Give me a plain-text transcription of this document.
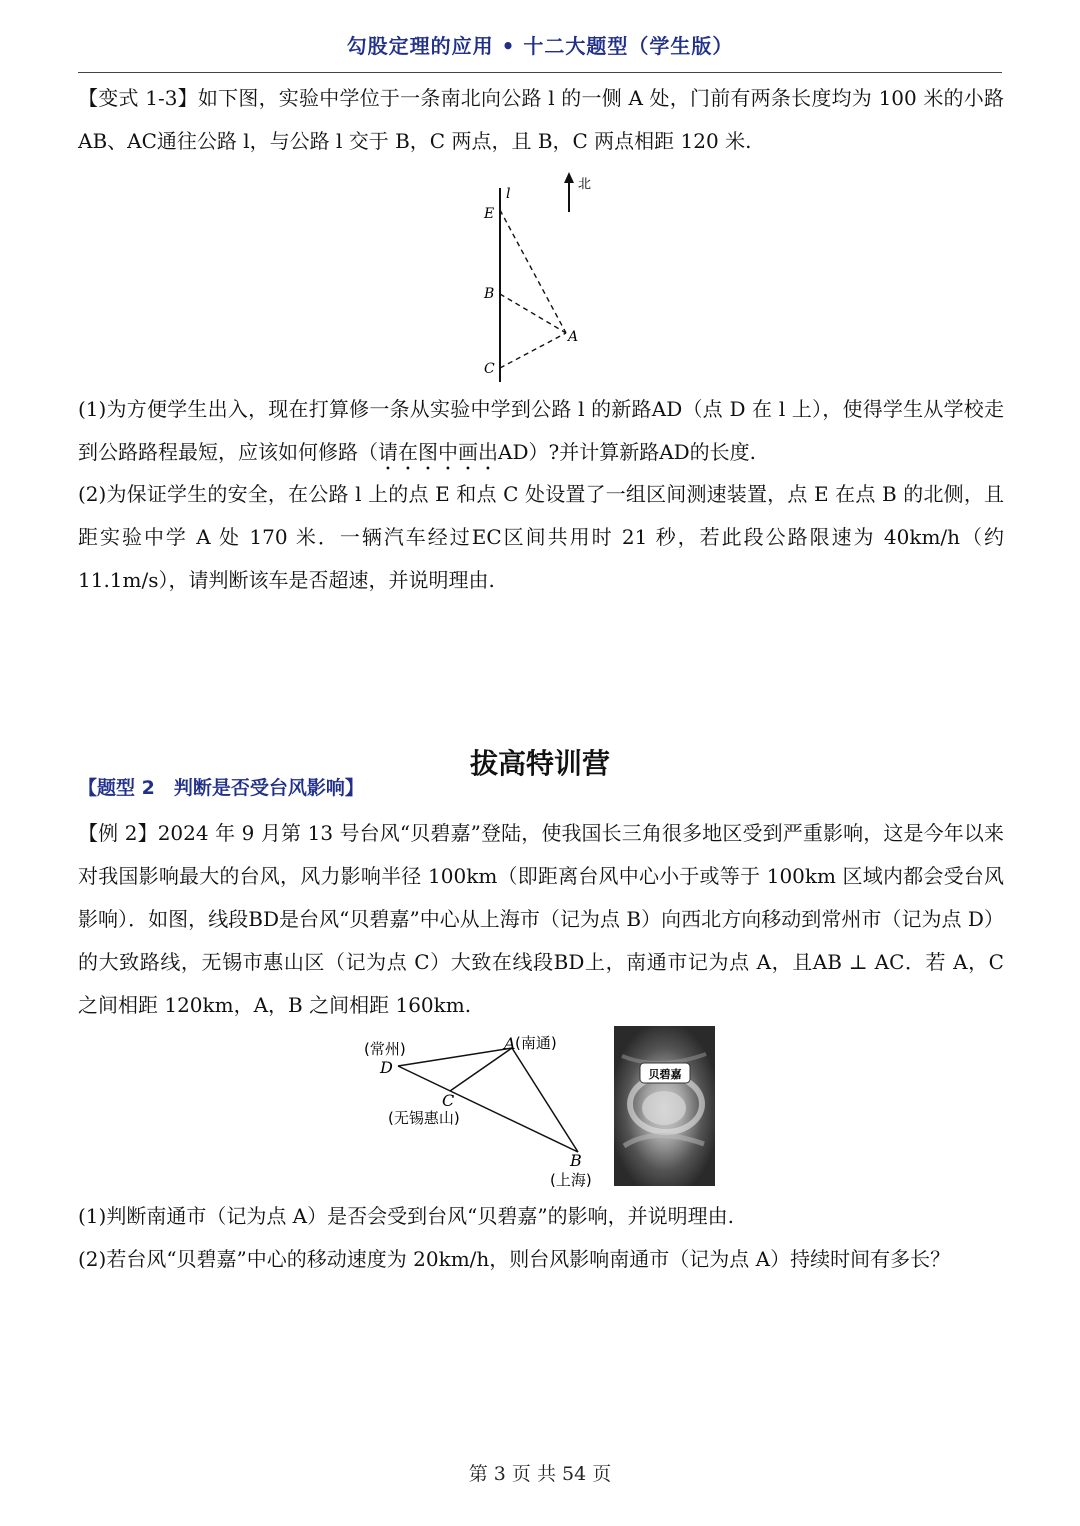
勾股定理的应用 • 十二大题型（学生版）

【变式 1-3】如下图，实验中学位于一条南北向公路 l 的一侧 A 处，门前有两条长度均为 100 米的小路AB、AC通往公路 l，与公路 l 交于 B，C 两点，且 B，C 两点相距 120 米.

l
北
E
B
A
C

(1)为方便学生出入，现在打算修一条从实验中学到公路 l 的新路AD（点 D 在 l 上），使得学生从学校走到公路路程最短，应该如何修路（请在图中画出AD）?并计算新路AD的长度.

(2)为保证学生的安全，在公路 l 上的点 E 和点 C 处设置了一组区间测速装置，点 E 在点 B 的北侧，且距实验中学 A 处 170 米．一辆汽车经过EC区间共用时 21 秒，若此段公路限速为 40km/h（约 11.1m/s），请判断该车是否超速，并说明理由.

拔高特训营
【题型 2　判断是否受台风影响】

【例 2】2024 年 9 月第 13 号台风“贝碧嘉”登陆，使我国长三角很多地区受到严重影响，这是今年以来对我国影响最大的台风，风力影响半径 100km（即距离台风中心小于或等于 100km 区域内都会受台风影响）．如图，线段BD是台风“贝碧嘉”中心从上海市（记为点 B）向西北方向移动到常州市（记为点 D）的大致路线，无锡市惠山区（记为点 C）大致在线段BD上，南通市记为点 A，且AB ⊥ AC．若 A，C 之间相距 120km，A，B 之间相距 160km.

(常州)
D
A (南通)
C
(无锡惠山)
B
(上海)
贝碧嘉

(1)判断南通市（记为点 A）是否会受到台风“贝碧嘉”的影响，并说明理由.

(2)若台风“贝碧嘉”中心的移动速度为 20km/h，则台风影响南通市（记为点 A）持续时间有多长？

第 3 页 共 54 页
